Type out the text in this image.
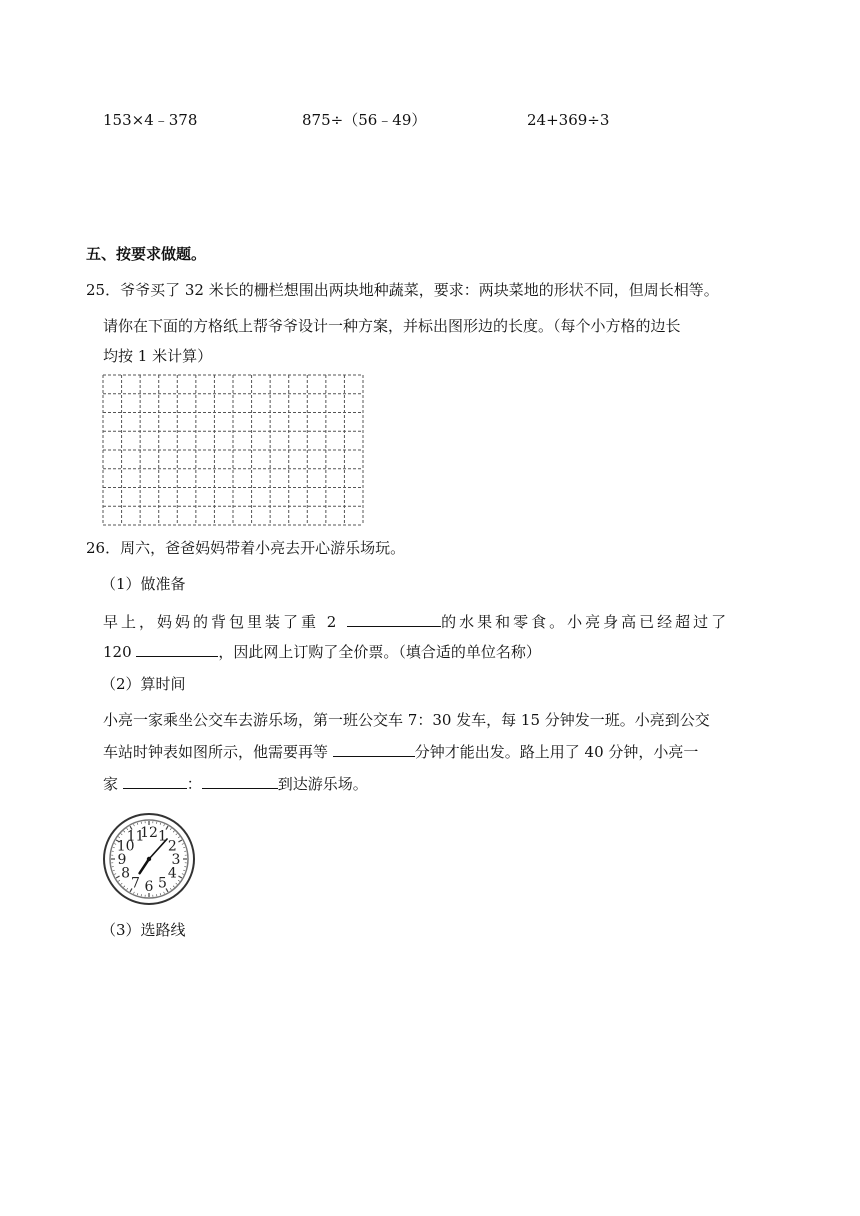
153×4﹣378	875÷（56﹣49）	24+369÷3
五、按要求做题。
25．爷爷买了 32 米长的栅栏想围出两块地种蔬菜，要求：两块菜地的形状不同，但周长相等。
请你在下面的方格纸上帮爷爷设计一种方案，并标出图形边的长度。（每个小方格的边长
均按 1 米计算）
26．周六，爸爸妈妈带着小亮去开心游乐场玩。
（1）做准备
早上，妈妈的背包里装了重 2	的水果和零食。小亮身高已经超过了
120	，因此网上订购了全价票。（填合适的单位名称）
（2）算时间
小亮一家乘坐公交车去游乐场，第一班公交车 7：30 发车，每 15 分钟发一班。小亮到公交
车站时钟表如图所示，他需要再等	分钟才能出发。路上用了 40 分钟，小亮一
家	：	到达游乐场。
12 1
2
3
4
5
6
7
8
9
10
11
（3）选路线
